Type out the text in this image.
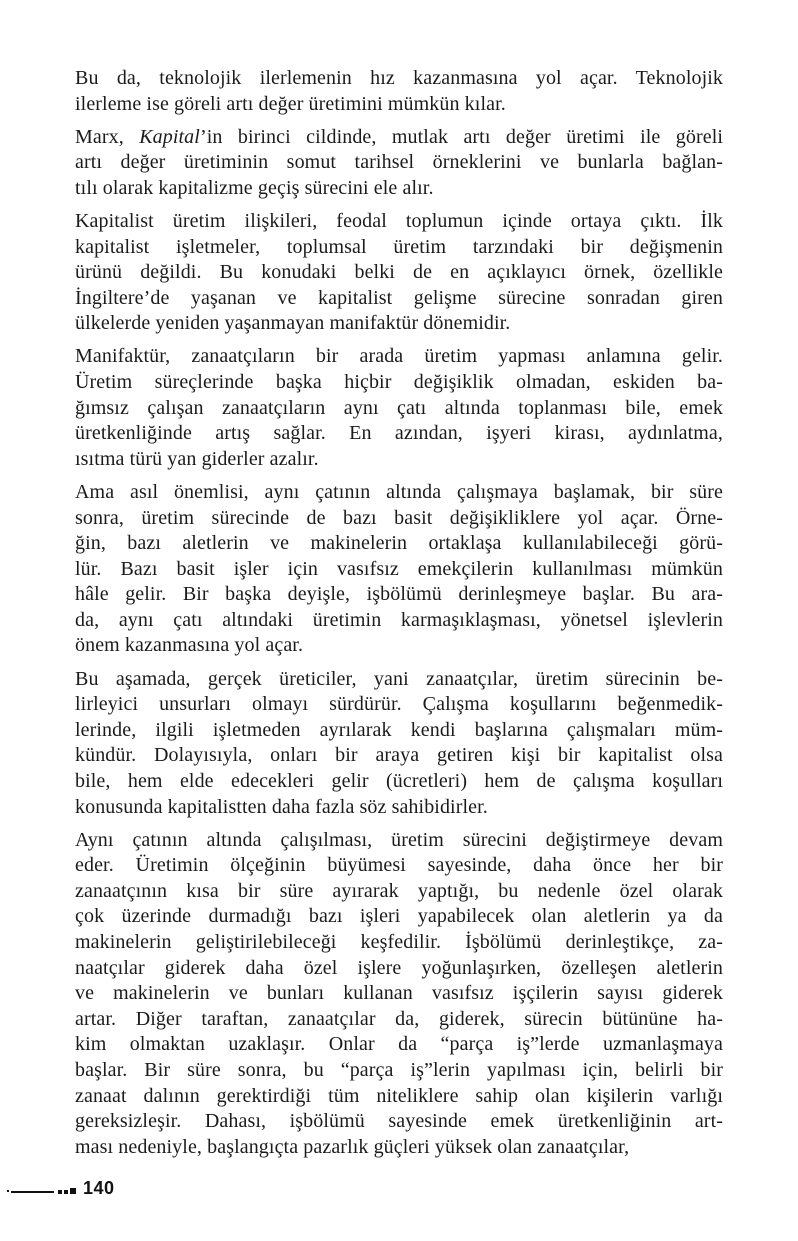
Bu da, teknolojik ilerlemenin hız kazanmasına yol açar. Teknolojik
ilerleme ise göreli artı değer üretimini mümkün kılar.

Marx, Kapital’in birinci cildinde, mutlak artı değer üretimi ile göreli
artı değer üretiminin somut tarihsel örneklerini ve bunlarla bağlan-
tılı olarak kapitalizme geçiş sürecini ele alır.

Kapitalist üretim ilişkileri, feodal toplumun içinde ortaya çıktı. İlk
kapitalist işletmeler, toplumsal üretim tarzındaki bir değişmenin
ürünü değildi. Bu konudaki belki de en açıklayıcı örnek, özellikle
İngiltere’de yaşanan ve kapitalist gelişme sürecine sonradan giren
ülkelerde yeniden yaşanmayan manifaktür dönemidir.

Manifaktür, zanaatçıların bir arada üretim yapması anlamına gelir.
Üretim süreçlerinde başka hiçbir değişiklik olmadan, eskiden ba-
ğımsız çalışan zanaatçıların aynı çatı altında toplanması bile, emek
üretkenliğinde artış sağlar. En azından, işyeri kirası, aydınlatma,
ısıtma türü yan giderler azalır.

Ama asıl önemlisi, aynı çatının altında çalışmaya başlamak, bir süre
sonra, üretim sürecinde de bazı basit değişikliklere yol açar. Örne-
ğin, bazı aletlerin ve makinelerin ortaklaşa kullanılabileceği görü-
lür. Bazı basit işler için vasıfsız emekçilerin kullanılması mümkün
hâle gelir. Bir başka deyişle, işbölümü derinleşmeye başlar. Bu ara-
da, aynı çatı altındaki üretimin karmaşıklaşması, yönetsel işlevlerin
önem kazanmasına yol açar.

Bu aşamada, gerçek üreticiler, yani zanaatçılar, üretim sürecinin be-
lirleyici unsurları olmayı sürdürür. Çalışma koşullarını beğenmedik-
lerinde, ilgili işletmeden ayrılarak kendi başlarına çalışmaları müm-
kündür. Dolayısıyla, onları bir araya getiren kişi bir kapitalist olsa
bile, hem elde edecekleri gelir (ücretleri) hem de çalışma koşulları
konusunda kapitalistten daha fazla söz sahibidirler.

Aynı çatının altında çalışılması, üretim sürecini değiştirmeye devam
eder. Üretimin ölçeğinin büyümesi sayesinde, daha önce her bir
zanaatçının kısa bir süre ayırarak yaptığı, bu nedenle özel olarak
çok üzerinde durmadığı bazı işleri yapabilecek olan aletlerin ya da
makinelerin geliştirilebileceği keşfedilir. İşbölümü derinleştikçe, za-
naatçılar giderek daha özel işlere yoğunlaşırken, özelleşen aletlerin
ve makinelerin ve bunları kullanan vasıfsız işçilerin sayısı giderek
artar. Diğer taraftan, zanaatçılar da, giderek, sürecin bütününe ha-
kim olmaktan uzaklaşır. Onlar da “parça iş”lerde uzmanlaşmaya
başlar. Bir süre sonra, bu “parça iş”lerin yapılması için, belirli bir
zanaat dalının gerektirdiği tüm niteliklere sahip olan kişilerin varlığı
gereksizleşir. Dahası, işbölümü sayesinde emek üretkenliğinin art-
ması nedeniyle, başlangıçta pazarlık güçleri yüksek olan zanaatçılar,

140
